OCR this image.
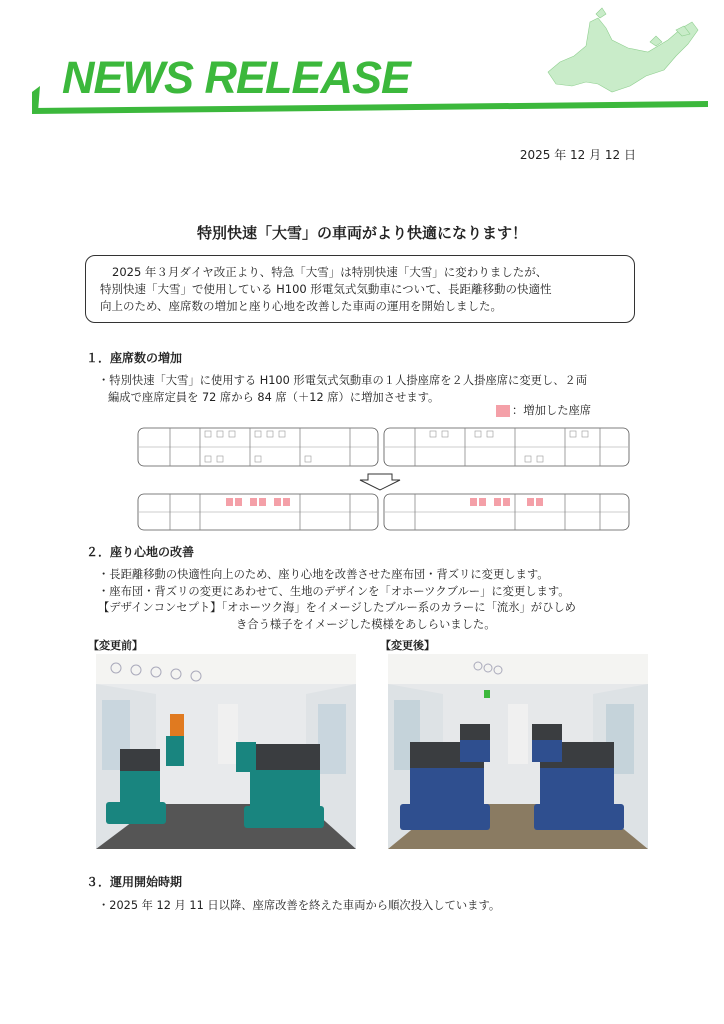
NEWS RELEASE
2025 年 12 月 12 日
特別快速「大雪」の車両がより快適になります！
2025 年３月ダイヤ改正より、特急「大雪」は特別快速「大雪」に変わりましたが、
特別快速「大雪」で使用している H100 形電気式気動車について、長距離移動の快適性
向上のため、座席数の増加と座り心地を改善した車両の運用を開始しました。
１．座席数の増加
・特別快速「大雪」に使用する H100 形電気式気動車の１人掛座席を２人掛座席に変更し、２両
編成で座席定員を 72 席から 84 席（＋12 席）に増加させます。
：増加した座席
２．座り心地の改善
・長距離移動の快適性向上のため、座り心地を改善させた座布団・背ズリに変更します。
・座布団・背ズリの変更にあわせて、生地のデザインを「オホーツクブルー」に変更します。
【デザインコンセプト】「オホーツク海」をイメージしたブルー系のカラーに「流氷」がひしめ
き合う様子をイメージした模様をあしらいました。
【変更前】	【変更後】
３．運用開始時期
・2025 年 12 月 11 日以降、座席改善を終えた車両から順次投入しています。
